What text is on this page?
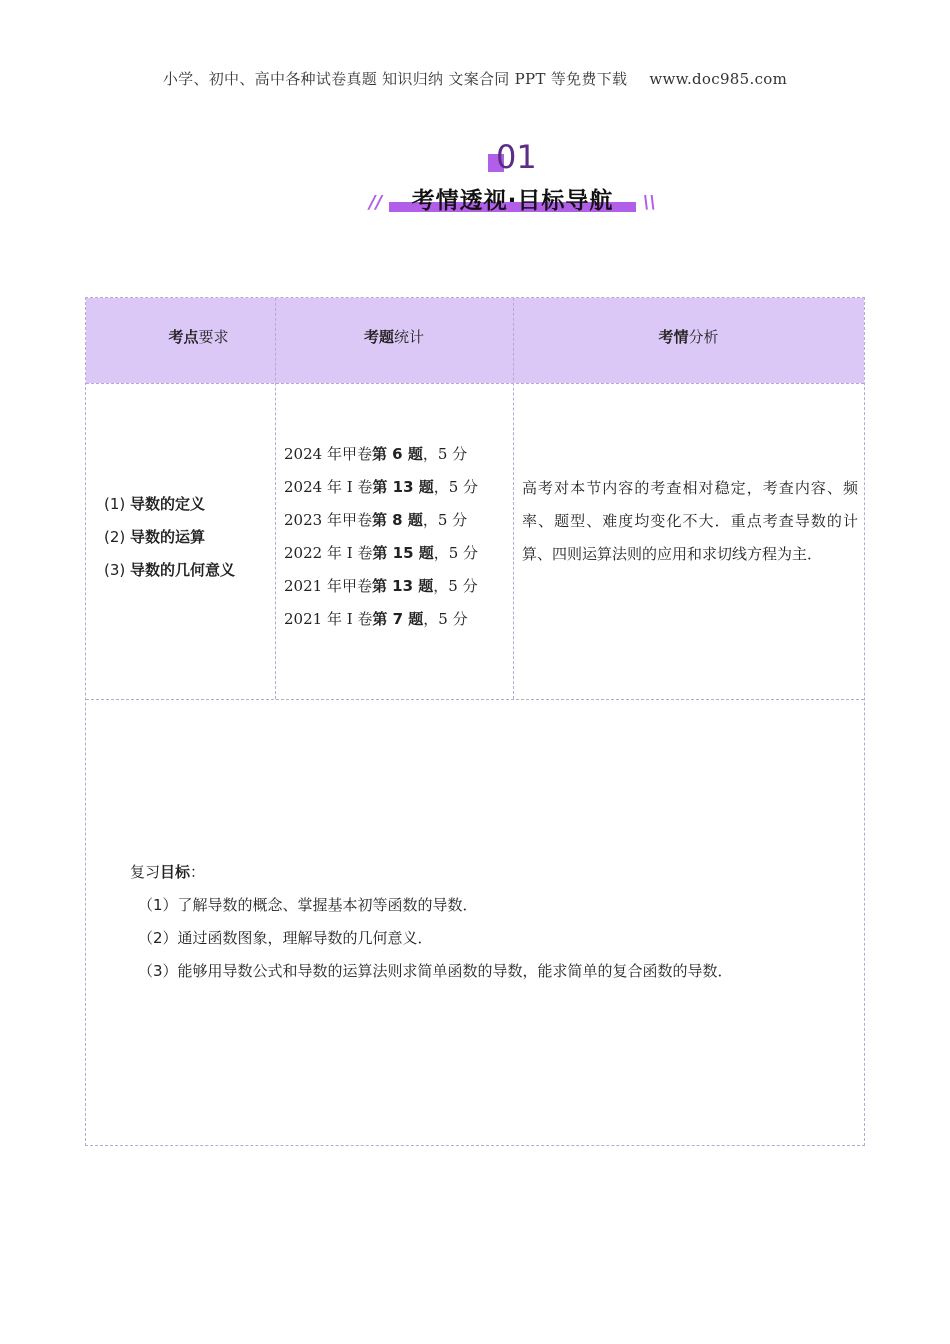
小学、初中、高中各种试卷真题 知识归纳 文案合同 PPT 等免费下载 www.doc985.com
01
//	考情透视·目标导航	\\
考点要求	考题统计	考情分析
(1) 导数的定义
(2) 导数的运算
(3) 导数的几何意义
2024 年甲卷第 6 题，5 分
2024 年 I 卷第 13 题，5 分
2023 年甲卷第 8 题，5 分
2022 年 I 卷第 15 题，5 分
2021 年甲卷第 13 题，5 分
2021 年 I 卷第 7 题，5 分
高考对本节内容的考查相对稳定，考查内容、频率、题型、难度均变化不大．重点考查导数的计算、四则运算法则的应用和求切线方程为主．
复习目标：
（1）了解导数的概念、掌握基本初等函数的导数．
（2）通过函数图象，理解导数的几何意义．
（3）能够用导数公式和导数的运算法则求简单函数的导数，能求简单的复合函数的导数．
